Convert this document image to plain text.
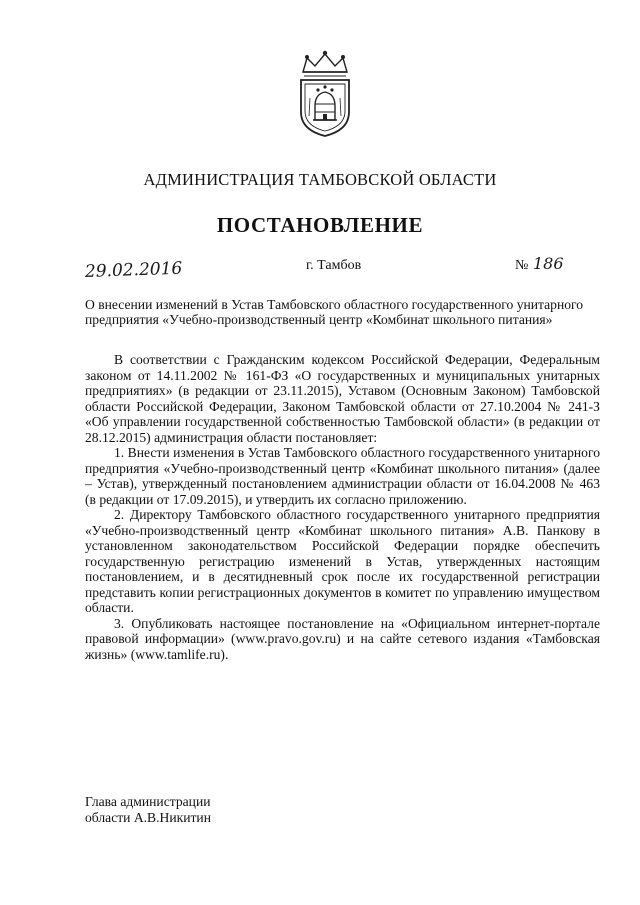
АДМИНИСТРАЦИЯ ТАМБОВСКОЙ ОБЛАСТИ
ПОСТАНОВЛЕНИЕ
29.02.2016	г. Тамбов	№ 186
О внесении изменений в Устав Тамбовского областного государственного унитарного предприятия «Учебно-производственный центр «Комбинат школьного питания»

В соответствии с Гражданским кодексом Российской Федерации, Федеральным законом от 14.11.2002 № 161-ФЗ «О государственных и муниципальных унитарных предприятиях» (в редакции от 23.11.2015), Уставом (Основным Законом) Тамбовской области Российской Федерации, Законом Тамбовской области от 27.10.2004 № 241-З «Об управлении государственной собственностью Тамбовской области» (в редакции от 28.12.2015) администрация области постановляет:

1. Внести изменения в Устав Тамбовского областного государственного унитарного предприятия «Учебно-производственный центр «Комбинат школьного питания» (далее – Устав), утвержденный постановлением администрации области от 16.04.2008 № 463 (в редакции от 17.09.2015), и утвердить их согласно приложению.

2. Директору Тамбовского областного государственного унитарного предприятия «Учебно-производственный центр «Комбинат школьного питания» А.В. Панкову в установленном законодательством Российской Федерации порядке обеспечить государственную регистрацию изменений в Устав, утвержденных настоящим постановлением, и в десятидневный срок после их государственной регистрации представить копии регистрационных документов в комитет по управлению имуществом области.

3. Опубликовать настоящее постановление на «Официальном интернет-портале правовой информации» (www.pravo.gov.ru) и на сайте сетевого издания «Тамбовская жизнь» (www.tamlife.ru).

Глава администрации
области А.В.Никитин
